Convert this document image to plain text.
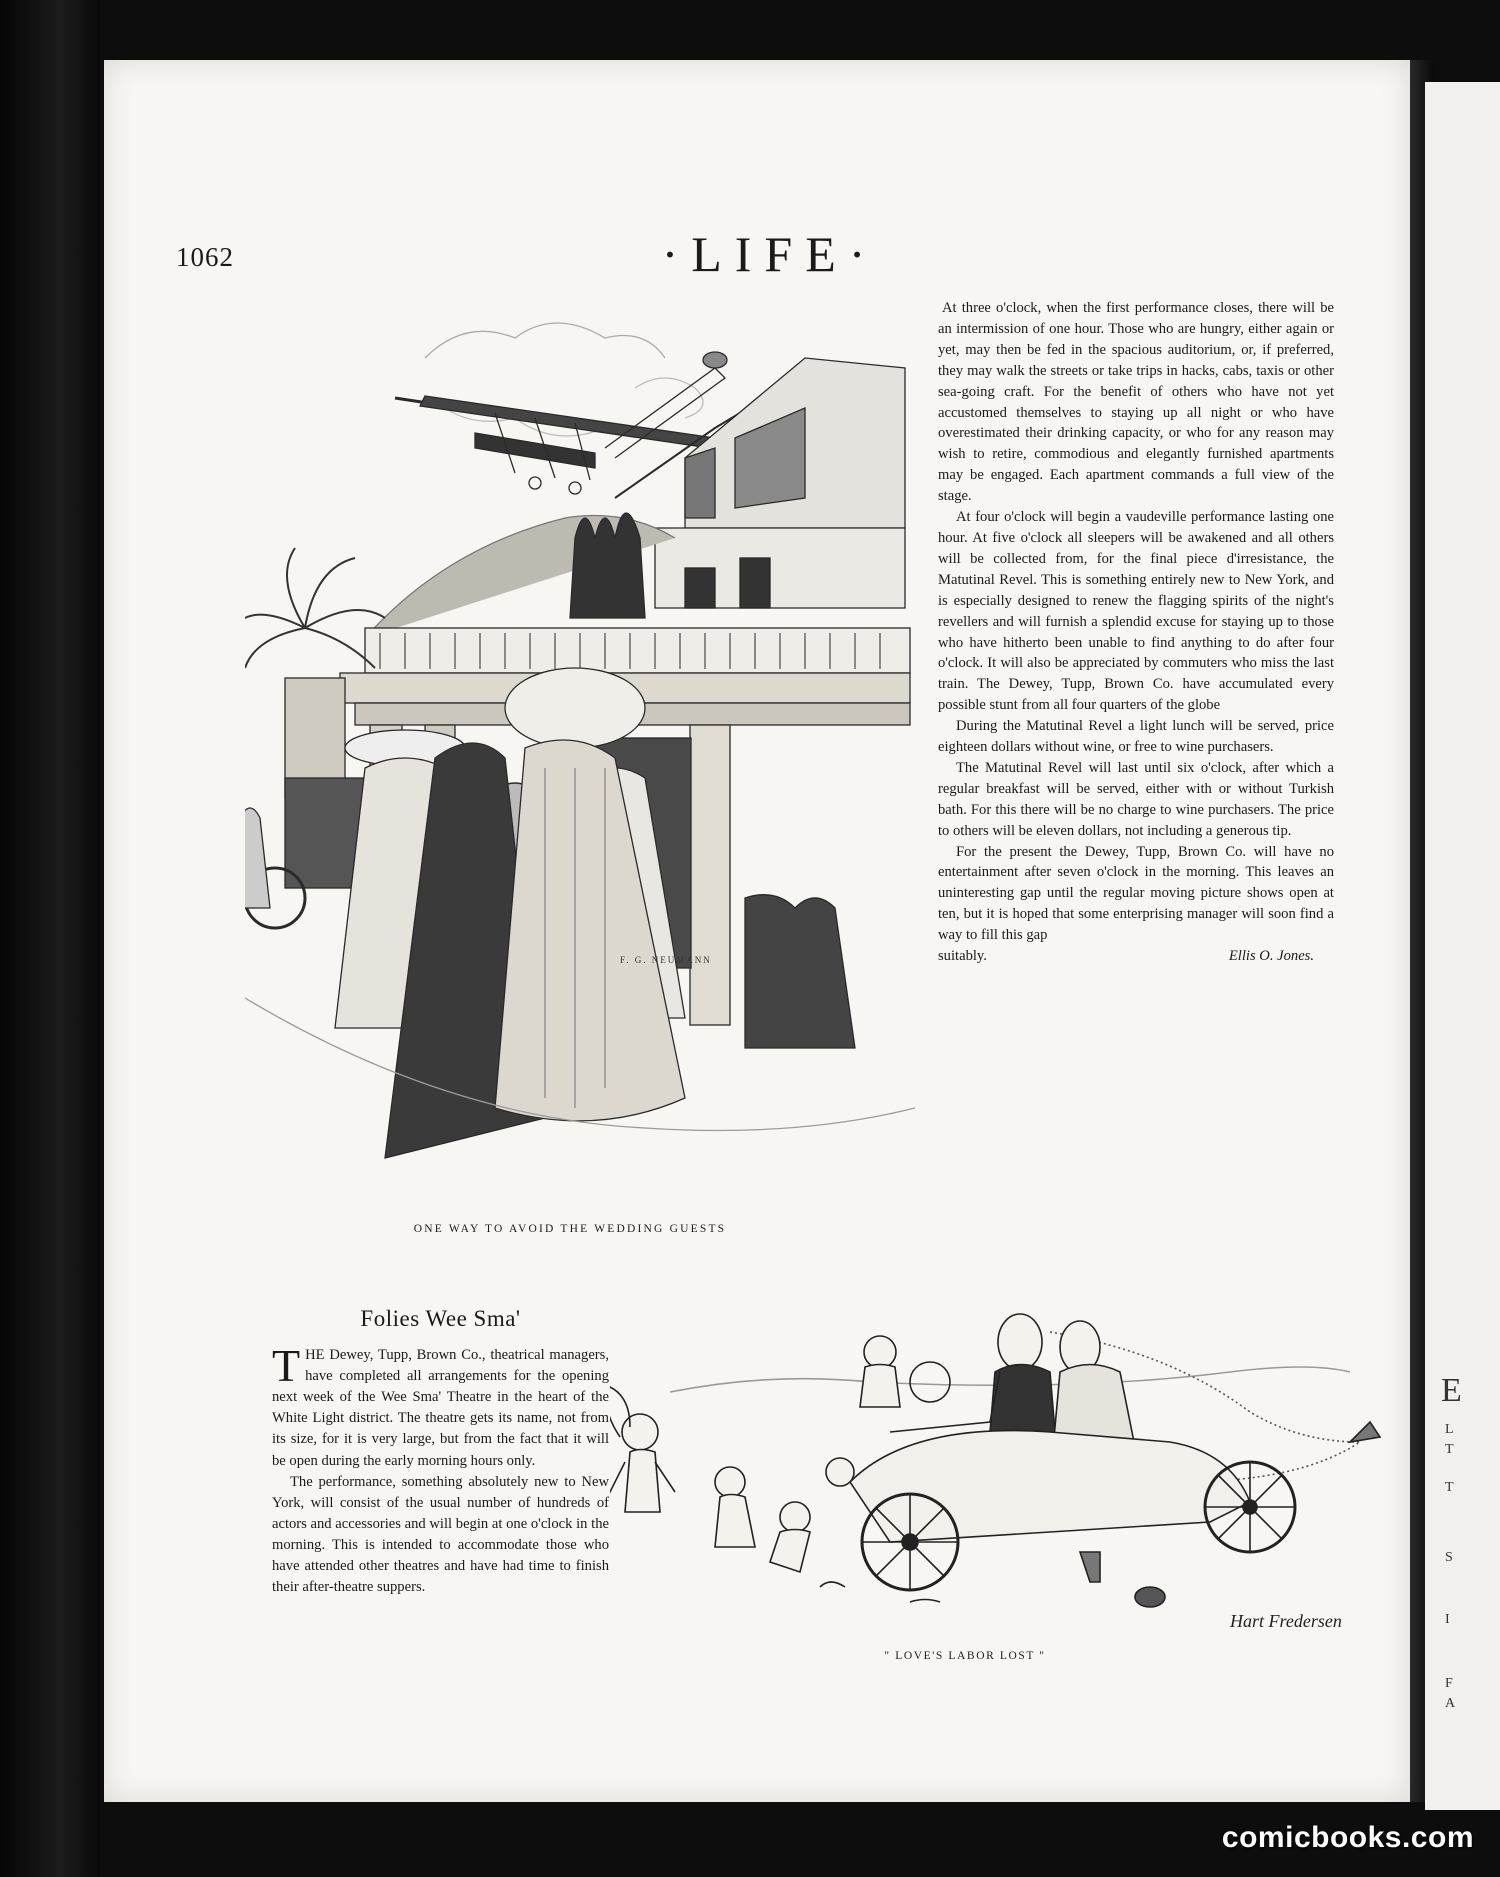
E
L
T
T
S
I
F
A
1062	·LIFE·
F. G. NEUMANN

At three o'clock, when the first performance closes, there will be an intermission of one hour. Those who are hungry, either again or yet, may then be fed in the spacious auditorium, or, if preferred, they may walk the streets or take trips in hacks, cabs, taxis or other sea-going craft. For the benefit of others who have not yet accustomed themselves to staying up all night or who have overestimated their drinking capacity, or who for any reason may wish to retire, commodious and elegantly furnished apartments may be engaged. Each apartment commands a full view of the stage.

At four o'clock will begin a vaudeville performance lasting one hour. At five o'clock all sleepers will be awakened and all others will be collected from, for the final piece d'irresistance, the Matutinal Revel. This is something entirely new to New York, and is especially designed to renew the flagging spirits of the night's revellers and will furnish a splendid excuse for staying up to those who have hitherto been unable to find anything to do after four o'clock. It will also be appreciated by commuters who miss the last train. The Dewey, Tupp, Brown Co. have accumulated every possible stunt from all four quarters of the globe

During the Matutinal Revel a light lunch will be served, price eighteen dollars without wine, or free to wine purchasers.

The Matutinal Revel will last until six o'clock, after which a regular breakfast will be served, either with or without Turkish bath. For this there will be no charge to wine purchasers. The price to others will be eleven dollars, not including a generous tip.

For the present the Dewey, Tupp, Brown Co. will have no entertainment after seven o'clock in the morning. This leaves an uninteresting gap until the regular moving picture shows open at ten, but it is hoped that some enterprising manager will soon find a way to fill this gap

suitably.	Ellis O. Jones.
ONE WAY TO AVOID THE WEDDING GUESTS
Folies Wee Sma'

THE Dewey, Tupp, Brown Co., theatrical managers, have completed all arrangements for the opening next week of the Wee Sma' Theatre in the heart of the White Light district. The theatre gets its name, not from its size, for it is very large, but from the fact that it will be open during the early morning hours only.

The performance, something absolutely new to New York, will consist of the usual number of hundreds of actors and accessories and will begin at one o'clock in the morning. This is intended to accommodate those who have attended other theatres and have had time to finish their after-theatre suppers.

Hart Fredersen
" LOVE'S LABOR LOST "
comicbooks.com
